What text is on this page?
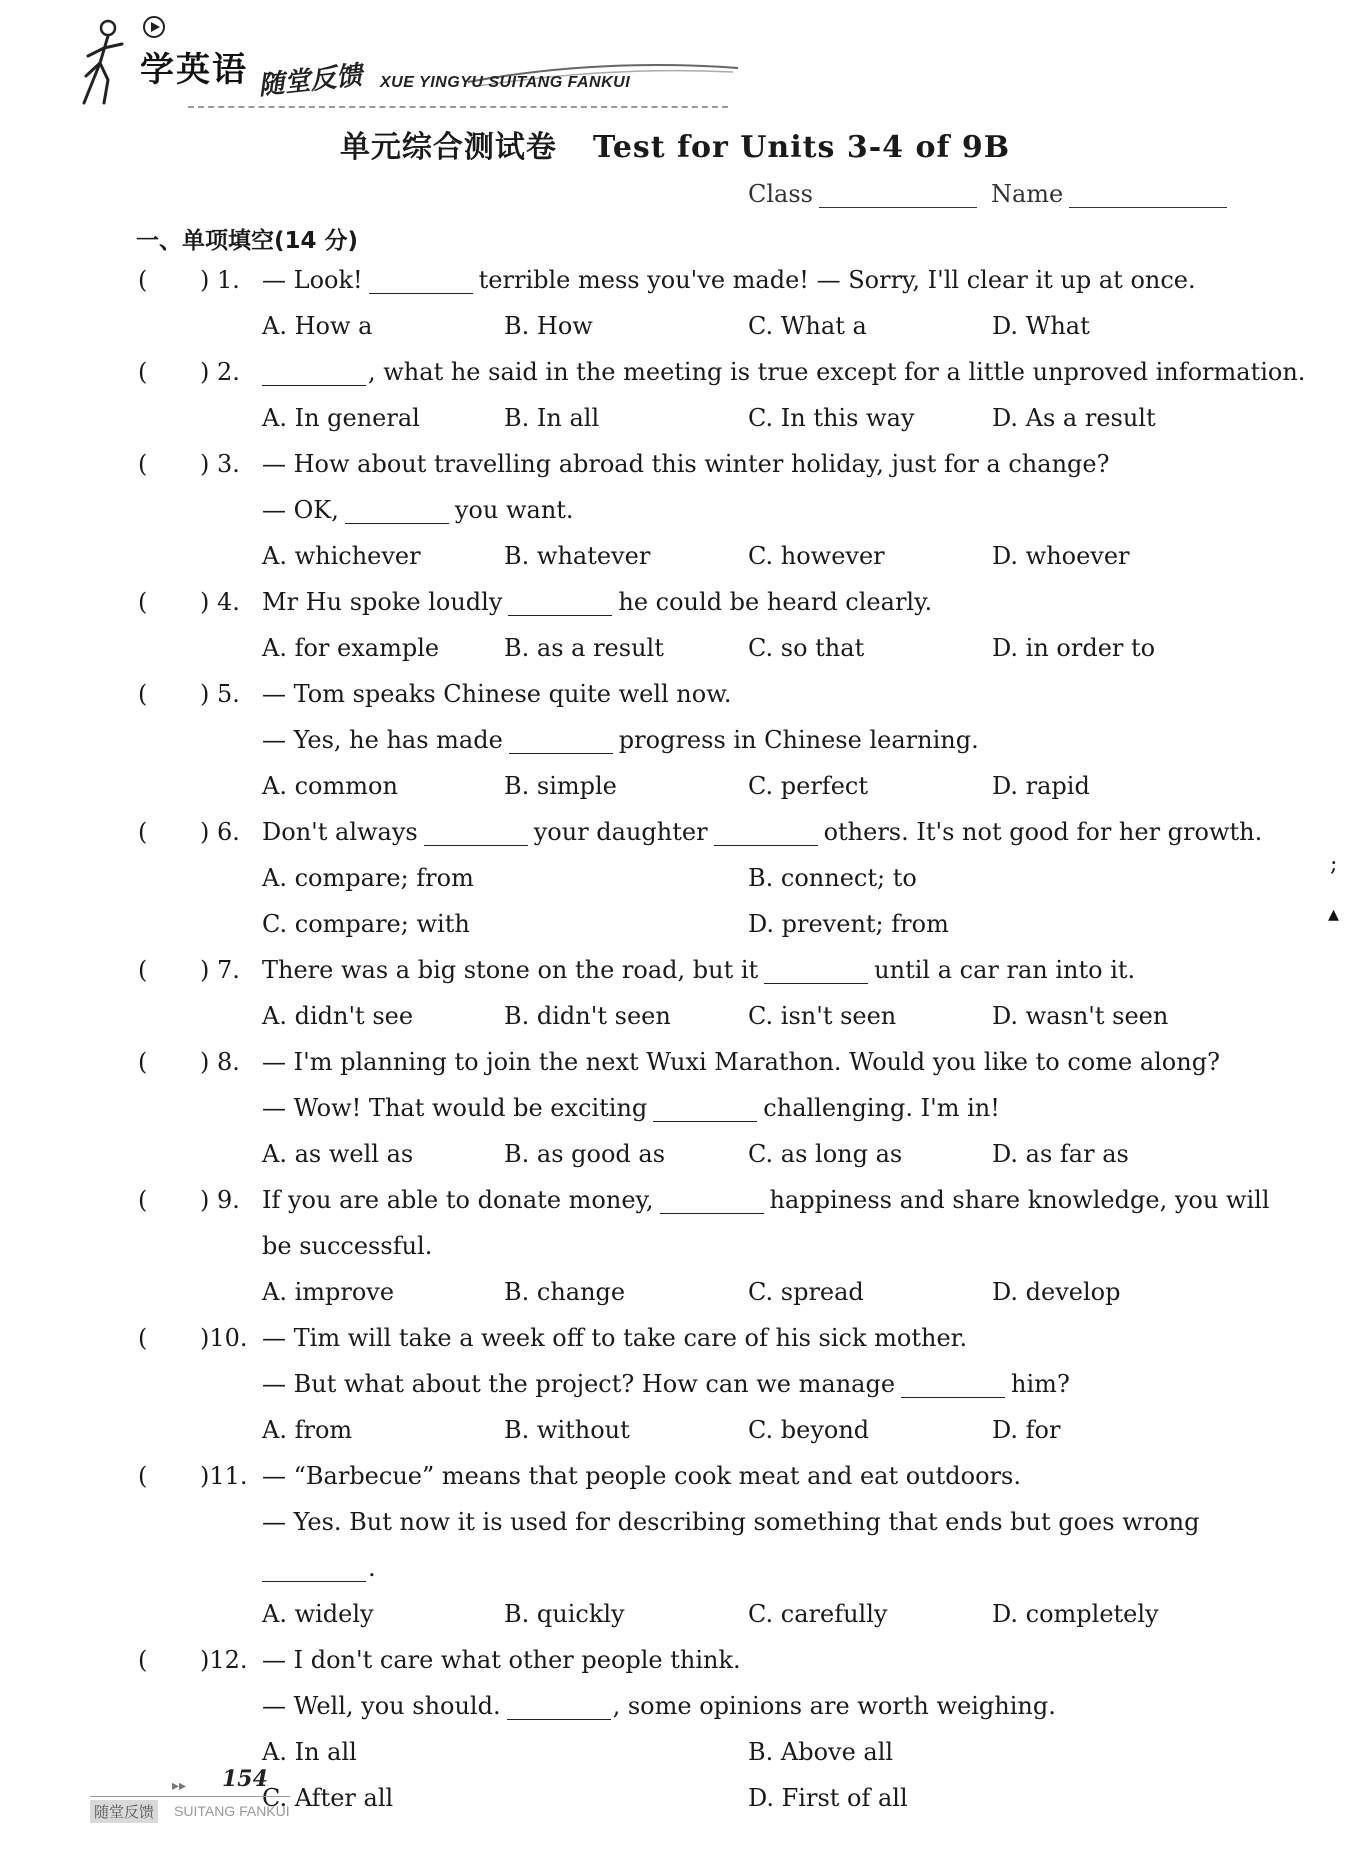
学英语 随堂反馈 XUE YINGYU SUITANG FANKUI
单元综合测试卷 Test for Units 3-4 of 9B
Class	Name
一、单项填空(14 分)
( ) 1. — Look!	terrible mess you've made! — Sorry, I'll clear it up at once.
A. How a	B. How	C. What a	D. What
( ) 2.	, what he said in the meeting is true except for a little unproved information.
A. In general	B. In all	C. In this way	D. As a result
( ) 3. — How about travelling abroad this winter holiday, just for a change?
— OK,	you want.
A. whichever	B. whatever	C. however	D. whoever
( ) 4. Mr Hu spoke loudly	he could be heard clearly.
A. for example	B. as a result	C. so that	D. in order to
( ) 5. — Tom speaks Chinese quite well now.
— Yes, he has made	progress in Chinese learning.
A. common	B. simple	C. perfect	D. rapid
( ) 6. Don't always	your daughter	others. It's not good for her growth.
A. compare; from	B. connect; to
C. compare; with	D. prevent; from
( ) 7. There was a big stone on the road, but it	until a car ran into it.
A. didn't see	B. didn't seen	C. isn't seen	D. wasn't seen
( ) 8. — I'm planning to join the next Wuxi Marathon. Would you like to come along?
— Wow! That would be exciting	challenging. I'm in!
A. as well as	B. as good as	C. as long as	D. as far as
( ) 9. If you are able to donate money,	happiness and share knowledge, you will
be successful.
A. improve	B. change	C. spread	D. develop
( )10. — Tim will take a week off to take care of his sick mother.
— But what about the project? How can we manage	him?
A. from	B. without	C. beyond	D. for
( )11. — “Barbecue” means that people cook meat and eat outdoors.
— Yes. But now it is used for describing something that ends but goes wrong
.
A. widely	B. quickly	C. carefully	D. completely
( )12. — I don't care what other people think.
— Well, you should.	, some opinions are worth weighing.
A. In all	B. Above all
C. After all	D. First of all
;
▴
▸▸ 154
随堂反馈 SUITANG FANKUI
